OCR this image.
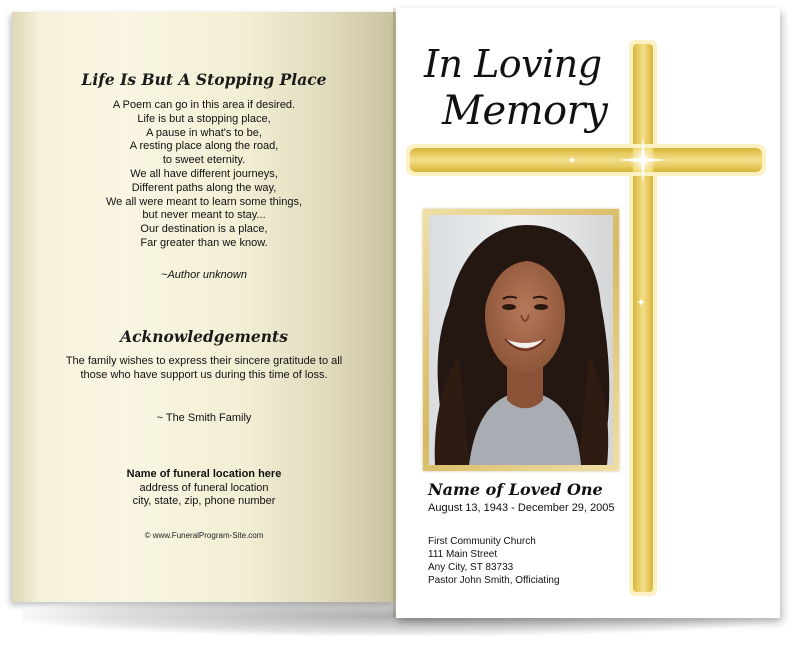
Life Is But A Stopping Place
A Poem can go in this area if desired.
Life is but a stopping place,
A pause in what's to be,
A resting place along the road,
to sweet eternity.
We all have different journeys,
Different paths along the way,
We all were meant to learn some things,
but never meant to stay...
Our destination is a place,
Far greater than we know.
~Author unknown
Acknowledgements
The family wishes to express their sincere gratitude to all those who have support us during this time of loss.
~ The Smith Family
Name of funeral location here
address of funeral location
city, state, zip, phone number
© www.FuneralProgram-Site.com
In Loving
Memory
Name of Loved One
August 13, 1943 - December 29, 2005
First Community Church
111 Main Street
Any City, ST 83733
Pastor John Smith, Officiating
